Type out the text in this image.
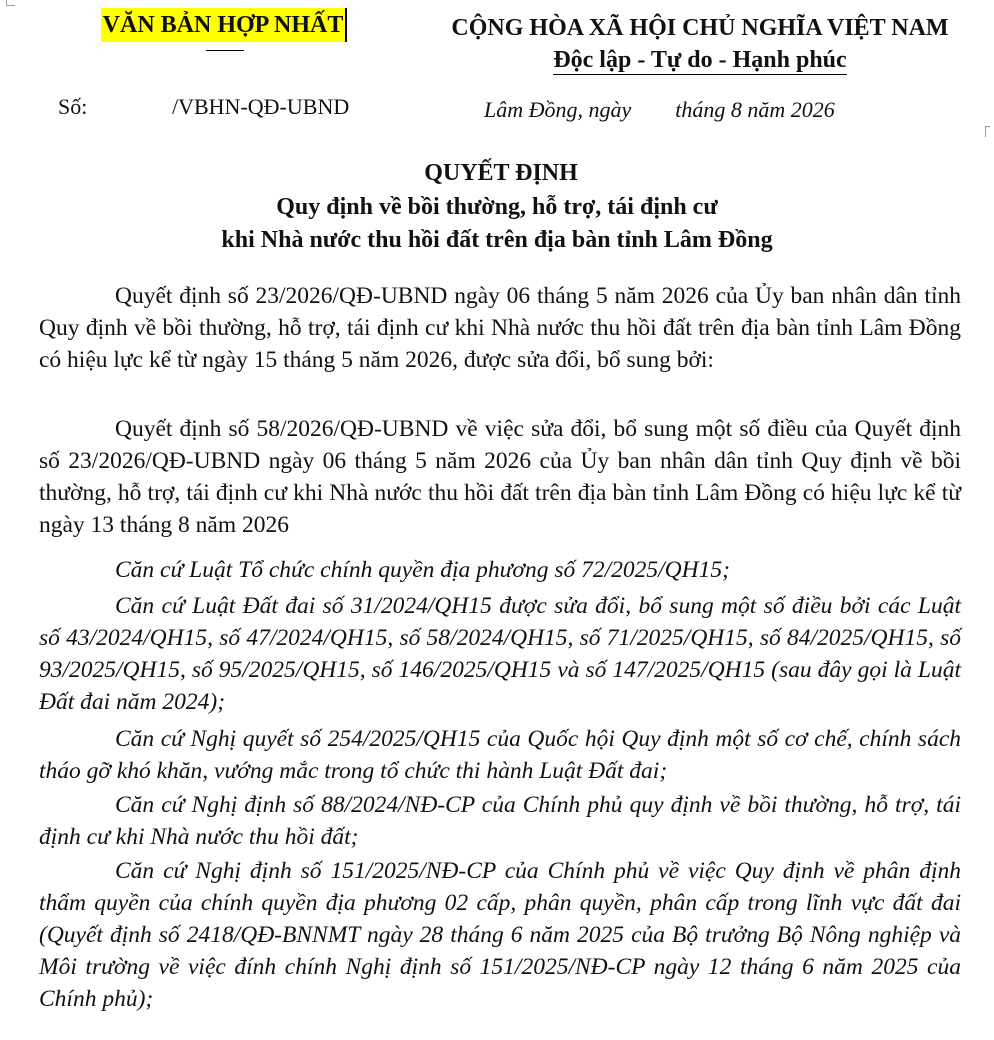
VĂN BẢN HỢP NHẤT	CỘNG HÒA XÃ HỘI CHỦ NGHĨA VIỆT NAM
Độc lập - Tự do - Hạnh phúc
Số:	/VBHN-QĐ-UBND	Lâm Đồng, ngày        tháng 8 năm 2026
QUYẾT ĐỊNH
Quy định về bồi thường, hỗ trợ, tái định cư
khi Nhà nước thu hồi đất trên địa bàn tỉnh Lâm Đồng
Quyết định số 23/2026/QĐ-UBND ngày 06 tháng 5 năm 2026 của Ủy ban nhân dân tỉnh Quy định về bồi thường, hỗ trợ, tái định cư khi Nhà nước thu hồi đất trên địa bàn tỉnh Lâm Đồng có hiệu lực kể từ ngày 15 tháng 5 năm 2026, được sửa đổi, bổ sung bởi:
Quyết định số 58/2026/QĐ-UBND về việc sửa đổi, bổ sung một số điều của Quyết định số 23/2026/QĐ-UBND ngày 06 tháng 5 năm 2026 của Ủy ban nhân dân tỉnh Quy định về bồi thường, hỗ trợ, tái định cư khi Nhà nước thu hồi đất trên địa bàn tỉnh Lâm Đồng có hiệu lực kể từ ngày 13 tháng 8 năm 2026
Căn cứ Luật Tổ chức chính quyền địa phương số 72/2025/QH15;
Căn cứ Luật Đất đai số 31/2024/QH15 được sửa đổi, bổ sung một số điều bởi các Luật số 43/2024/QH15, số 47/2024/QH15, số 58/2024/QH15, số 71/2025/QH15, số 84/2025/QH15, số 93/2025/QH15, số 95/2025/QH15, số 146/2025/QH15 và số 147/2025/QH15 (sau đây gọi là Luật Đất đai năm 2024);
Căn cứ Nghị quyết số 254/2025/QH15 của Quốc hội Quy định một số cơ chế, chính sách tháo gỡ khó khăn, vướng mắc trong tổ chức thi hành Luật Đất đai;
Căn cứ Nghị định số 88/2024/NĐ-CP của Chính phủ quy định về bồi thường, hỗ trợ, tái định cư khi Nhà nước thu hồi đất;
Căn cứ Nghị định số 151/2025/NĐ-CP của Chính phủ về việc Quy định về phân định thẩm quyền của chính quyền địa phương 02 cấp, phân quyền, phân cấp trong lĩnh vực đất đai (Quyết định số 2418/QĐ-BNNMT ngày 28 tháng 6 năm 2025 của Bộ trưởng Bộ Nông nghiệp và Môi trường về việc đính chính Nghị định số 151/2025/NĐ-CP ngày 12 tháng 6 năm 2025 của Chính phủ);
